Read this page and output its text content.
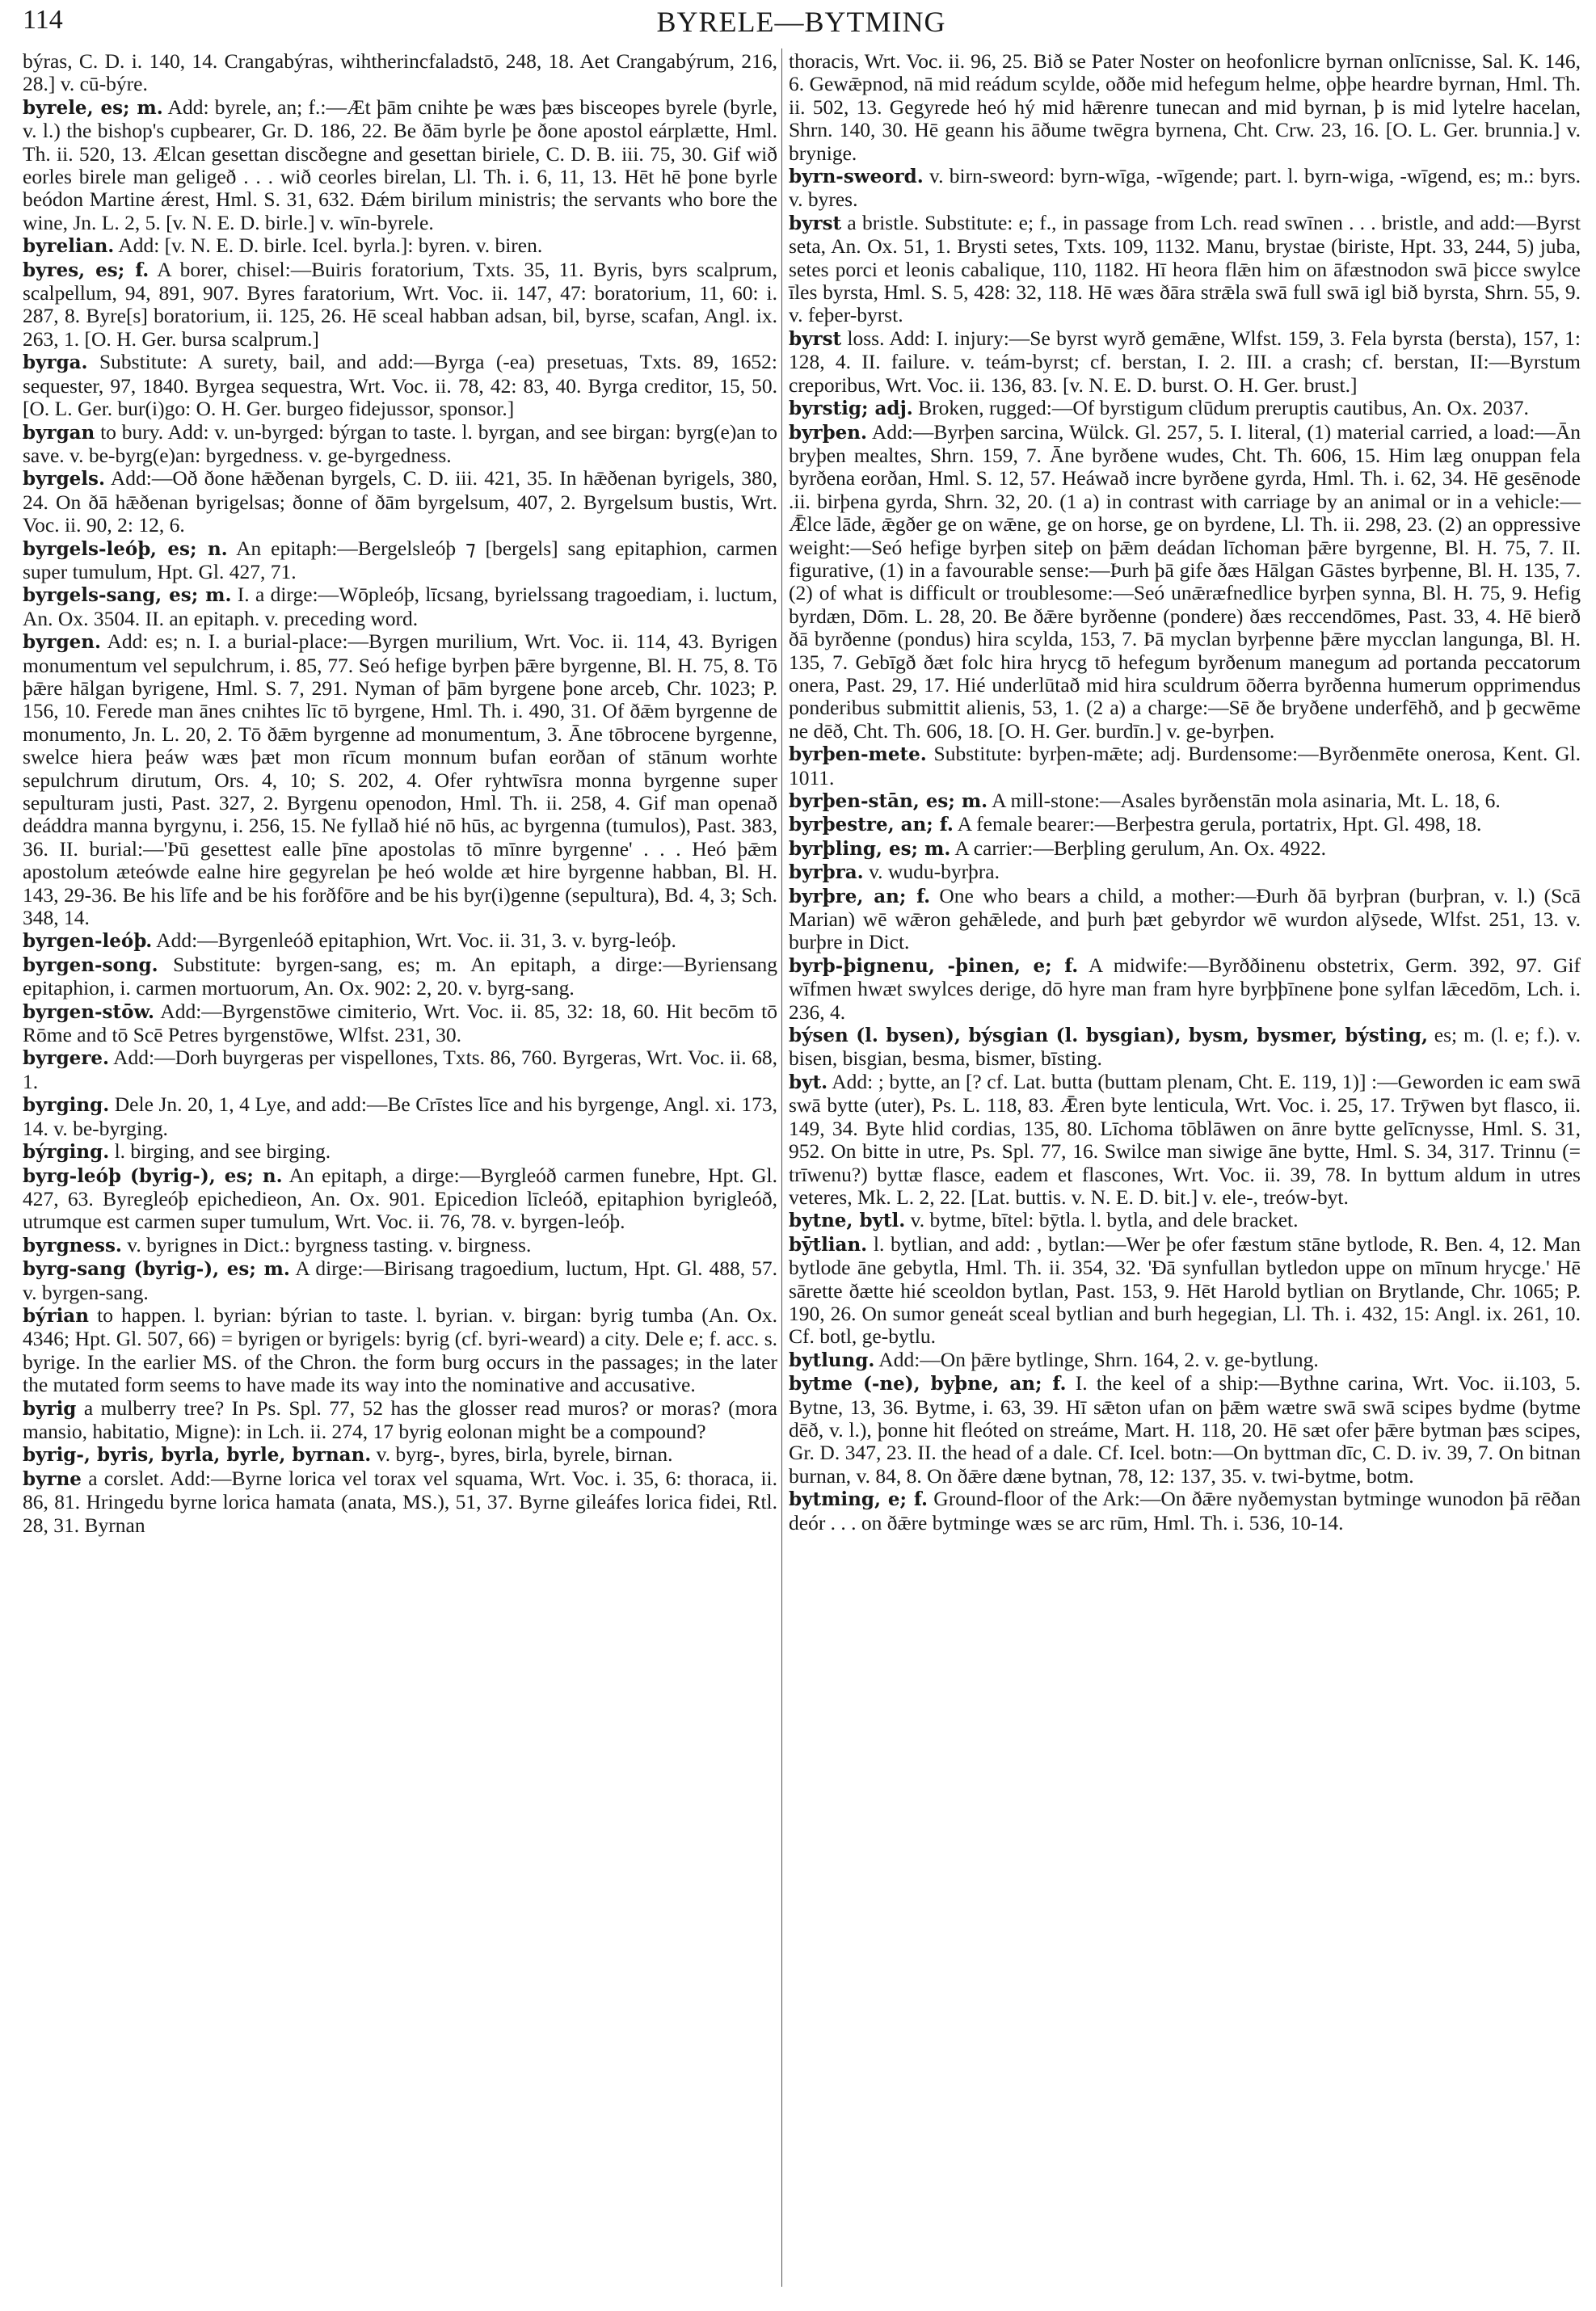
114	BYRELE—BYTMING

býras, C. D. i. 140, 14. Crangabýras, wihtherincfaladstō, 248, 18. Aet Crangabýrum, 216, 28.] v. cū-býre.

byrele, es; m. Add: byrele, an; f.:—Æt þām cnihte þe wæs þæs bisceopes byrele (byrle, v. l.) the bishop's cupbearer, Gr. D. 186, 22. Be ðām byrle þe ðone apostol eárplætte, Hml. Th. ii. 520, 13. Ælcan gesettan discðegne and gesettan biriele, C. D. B. iii. 75, 30. Gif wið eorles birele man geligeð . . . wið ceorles birelan, Ll. Th. i. 6, 11, 13. Hēt hē þone byrle beódon Martine ǽrest, Hml. S. 31, 632. Ðǽm birilum ministris; the servants who bore the wine, Jn. L. 2, 5. [v. N. E. D. birle.] v. wīn-byrele.

byrelian. Add: [v. N. E. D. birle. Icel. byrla.]: byren. v. biren.

byres, es; f. A borer, chisel:—Buiris foratorium, Txts. 35, 11. Byris, byrs scalprum, scalpellum, 94, 891, 907. Byres faratorium, Wrt. Voc. ii. 147, 47: boratorium, 11, 60: i. 287, 8. Byre[s] boratorium, ii. 125, 26. Hē sceal habban adsan, bil, byrse, scafan, Angl. ix. 263, 1. [O. H. Ger. bursa scalprum.]

byrga. Substitute: A surety, bail, and add:—Byrga (-ea) presetuas, Txts. 89, 1652: sequester, 97, 1840. Byrgea sequestra, Wrt. Voc. ii. 78, 42: 83, 40. Byrga creditor, 15, 50. [O. L. Ger. bur(i)go: O. H. Ger. burgeo fidejussor, sponsor.]

byrgan to bury. Add: v. un-byrged: býrgan to taste. l. byrgan, and see birgan: byrg(e)an to save. v. be-byrg(e)an: byrgedness. v. ge-byrgedness.

byrgels. Add:—Oð ðone hǣðenan byrgels, C. D. iii. 421, 35. In hǣðenan byrigels, 380, 24. On ðā hǣðenan byrigelsas; ðonne of ðām byrgelsum, 407, 2. Byrgelsum bustis, Wrt. Voc. ii. 90, 2: 12, 6.

byrgels-leóþ, es; n. An epitaph:—Bergelsleóþ ⁊ [bergels] sang epitaphion, carmen super tumulum, Hpt. Gl. 427, 71.

byrgels-sang, es; m. I. a dirge:—Wōpleóþ, līcsang, byrielssang tragoediam, i. luctum, An. Ox. 3504. II. an epitaph. v. preceding word.

byrgen. Add: es; n. I. a burial-place:—Byrgen murilium, Wrt. Voc. ii. 114, 43. Byrigen monumentum vel sepulchrum, i. 85, 77. Seó hefige byrþen þǣre byrgenne, Bl. H. 75, 8. Tō þǣre hālgan byrigene, Hml. S. 7, 291. Nyman of þām byrgene þone arceb, Chr. 1023; P. 156, 10. Ferede man ānes cnihtes līc tō byrgene, Hml. Th. i. 490, 31. Of ðǣm byrgenne de monumento, Jn. L. 20, 2. Tō ðǣm byrgenne ad monumentum, 3. Āne tōbrocene byrgenne, swelce hiera þeáw wæs þæt mon rīcum monnum bufan eorðan of stānum worhte sepulchrum dirutum, Ors. 4, 10; S. 202, 4. Ofer ryhtwīsra monna byrgenne super sepulturam justi, Past. 327, 2. Byrgenu openodon, Hml. Th. ii. 258, 4. Gif man openað deáddra manna byrgynu, i. 256, 15. Ne fyllað hié nō hūs, ac byrgenna (tumulos), Past. 383, 36. II. burial:—'Þū gesettest ealle þīne apostolas tō mīnre byrgenne' . . . Heó þǣm apostolum ætеówde ealne hire gegyrelan þe heó wolde æt hire byrgenne habban, Bl. H. 143, 29-36. Be his līfe and be his forðfōre and be his byr(i)genne (sepultura), Bd. 4, 3; Sch. 348, 14.

byrgen-leóþ. Add:—Byrgenleóð epitaphion, Wrt. Voc. ii. 31, 3. v. byrg-leóþ.

byrgen-song. Substitute: byrgen-sang, es; m. An epitaph, a dirge:—Byriensang epitaphion, i. carmen mortuorum, An. Ox. 902: 2, 20. v. byrg-sang.

byrgen-stōw. Add:—Byrgenstōwe cimiterio, Wrt. Voc. ii. 85, 32: 18, 60. Hit becōm tō Rōme and tō Scē Petres byrgenstōwe, Wlfst. 231, 30.

byrgere. Add:—Dorh buyrgeras per vispellones, Txts. 86, 760. Byrgeras, Wrt. Voc. ii. 68, 1.

byrging. Dele Jn. 20, 1, 4 Lye, and add:—Be Crīstes līce and his byrgenge, Angl. xi. 173, 14. v. be-byrging.

býrging. l. birging, and see birging.

byrg-leóþ (byrig-), es; n. An epitaph, a dirge:—Byrgleóð carmen funebre, Hpt. Gl. 427, 63. Byregleóþ epichedieon, An. Ox. 901. Epicedion līcleóð, epitaphion byrigleóð, utrumque est carmen super tumulum, Wrt. Voc. ii. 76, 78. v. byrgen-leóþ.

byrgness. v. byrignes in Dict.: byrgness tasting. v. birgness.

byrg-sang (byrig-), es; m. A dirge:—Birisang tragoedium, luctum, Hpt. Gl. 488, 57. v. byrgen-sang.

býrian to happen. l. byrian: býrian to taste. l. byrian. v. birgan: byrig tumba (An. Ox. 4346; Hpt. Gl. 507, 66) = byrigen or byrigels: byrig (cf. byri-weard) a city. Dele e; f. acc. s. byrige. In the earlier MS. of the Chron. the form burg occurs in the passages; in the later the mutated form seems to have made its way into the nominative and accusative.

byrig a mulberry tree? In Ps. Spl. 77, 52 has the glosser read muros? or moras? (mora mansio, habitatio, Migne): in Lch. ii. 274, 17 byrig eolonan might be a compound?

byrig-, byris, byrla, byrle, byrnan. v. byrg-, byres, birla, byrele, birnan.

byrne a corslet. Add:—Byrne lorica vel torax vel squama, Wrt. Voc. i. 35, 6: thoraca, ii. 86, 81. Hringedu byrne lorica hamata (anata, MS.), 51, 37. Byrne gileáfes lorica fidei, Rtl. 28, 31. Byrnan

thoracis, Wrt. Voc. ii. 96, 25. Bið se Pater Noster on heofonlicre byrnan onlīcnisse, Sal. K. 146, 6. Gewǣpnod, nā mid reádum scylde, oððe mid hefegum helme, oþþe heardre byrnan, Hml. Th. ii. 502, 13. Gegyrede heó hý mid hǣrenre tunecan and mid byrnan, þ is mid lytelre hacelan, Shrn. 140, 30. Hē geann his āðume twēgra byrnena, Cht. Crw. 23, 16. [O. L. Ger. brunnia.] v. brynige.

byrn-sweord. v. birn-sweord: byrn-wīga, -wīgende; part. l. byrn-wiga, -wīgend, es; m.: byrs. v. byres.

byrst a bristle. Substitute: e; f., in passage from Lch. read swīnen . . . bristle, and add:—Byrst seta, An. Ox. 51, 1. Brysti setes, Txts. 109, 1132. Manu, brystae (biriste, Hpt. 33, 244, 5) juba, setes porci et leonis cabalique, 110, 1182. Hī heora flǣn him on āfæstnodon swā þicce swylce īles byrsta, Hml. S. 5, 428: 32, 118. Hē wæs ðāra strǣla swā full swā igl bið byrsta, Shrn. 55, 9. v. feþer-byrst.

byrst loss. Add: I. injury:—Se byrst wyrð gemǣne, Wlfst. 159, 3. Fela byrsta (bersta), 157, 1: 128, 4. II. failure. v. teám-byrst; cf. berstan, I. 2. III. a crash; cf. berstan, II:—Byrstum creporibus, Wrt. Voc. ii. 136, 83. [v. N. E. D. burst. O. H. Ger. brust.]

byrstig; adj. Broken, rugged:—Of byrstigum clūdum preruptis cautibus, An. Ox. 2037.

byrþen. Add:—Byrþen sarcina, Wülck. Gl. 257, 5. I. literal, (1) material carried, a load:—Ān bryþen mealtes, Shrn. 159, 7. Āne byrðene wudes, Cht. Th. 606, 15. Him læg onuppan fela byrðena eorðan, Hml. S. 12, 57. Heáwað incre byrðene gyrda, Hml. Th. i. 62, 34. Hē gesēnode .ii. birþena gyrda, Shrn. 32, 20. (1 a) in contrast with carriage by an animal or in a vehicle:—Ǣlce lāde, ǣgðer ge on wǣne, ge on horse, ge on byrdene, Ll. Th. ii. 298, 23. (2) an oppressive weight:—Seó hefige byrþen siteþ on þǣm deádan līchoman þǣre byrgenne, Bl. H. 75, 7. II. figurative, (1) in a favourable sense:—Þurh þā gife ðæs Hālgan Gāstes byrþenne, Bl. H. 135, 7. (2) of what is difficult or troublesome:—Seó unǣræfnedlice byrþen synna, Bl. H. 75, 9. Hefig byrdæn, Dōm. L. 28, 20. Be ðǣre byrðenne (pondere) ðæs reccendōmes, Past. 33, 4. Hē bierð ðā byrðenne (pondus) hira scylda, 153, 7. Þā myclan byrþenne þǣre mycclan langunga, Bl. H. 135, 7. Gebīgð ðæt folc hira hrycg tō hefegum byrðenum manegum ad portanda peccatorum onera, Past. 29, 17. Hié underlūtað mid hira sculdrum ōðerra byrðenna humerum opprimendus ponderibus submittit alienis, 53, 1. (2 a) a charge:—Sē ðe bryðene underfēhð, and þ gecwēme ne dēð, Cht. Th. 606, 18. [O. H. Ger. burdīn.] v. ge-byrþen.

byrþen-mete. Substitute: byrþen-mǣte; adj. Burdensome:—Byrðenmēte onerosa, Kent. Gl. 1011.

byrþen-stān, es; m. A mill-stone:—Asales byrðenstān mola asinaria, Mt. L. 18, 6.

byrþestre, an; f. A female bearer:—Berþestra gerula, portatrix, Hpt. Gl. 498, 18.

byrþling, es; m. A carrier:—Berþling gerulum, An. Ox. 4922.

byrþra. v. wudu-byrþra.

byrþre, an; f. One who bears a child, a mother:—Ðurh ðā byrþran (burþran, v. l.) (Scā Marian) wē wǣron gehǣlede, and þurh þæt gebyrdor wē wurdon alȳsede, Wlfst. 251, 13. v. burþre in Dict.

byrþ-þignenu, -þinen, e; f. A midwife:—Byrððinenu obstetrix, Germ. 392, 97. Gif wīfmen hwæt swylces derige, dō hyre man fram hyre byrþþīnene þone sylfan lǣcedōm, Lch. i. 236, 4.

býsen (l. bysen), býsgian (l. bysgian), bysm, bysmer, býsting, es; m. (l. e; f.). v. bisen, bisgian, besma, bismer, bīsting.

byt. Add: ; bytte, an [? cf. Lat. butta (buttam plenam, Cht. E. 119, 1)] :—Geworden ic eam swā swā bytte (uter), Ps. L. 118, 83. Ǣren byte lenticula, Wrt. Voc. i. 25, 17. Trȳwen byt flasco, ii. 149, 34. Byte hlid cordias, 135, 80. Līchoma tōblāwen on ānre bytte gelīcnysse, Hml. S. 31, 952. On bitte in utre, Ps. Spl. 77, 16. Swilce man siwige āne bytte, Hml. S. 34, 317. Trinnu (= trīwenu?) byttæ flasce, eadem et flascones, Wrt. Voc. ii. 39, 78. In byttum aldum in utres veteres, Mk. L. 2, 22. [Lat. buttis. v. N. E. D. bit.] v. ele-, treów-byt.

bytne, bytl. v. bytme, bītel: bȳtla. l. bytla, and dele bracket.

bȳtlian. l. bytlian, and add: , bytlan:—Wer þe ofer fæstum stāne bytlode, R. Ben. 4, 12. Man bytlode āne gebytla, Hml. Th. ii. 354, 32. 'Ðā synfullan bytledon uppe on mīnum hrycge.' Hē sārette ðætte hié sceoldon bytlan, Past. 153, 9. Hēt Harold bytlian on Brytlande, Chr. 1065; P. 190, 26. On sumor geneát sceal bytlian and burh hegegian, Ll. Th. i. 432, 15: Angl. ix. 261, 10. Cf. botl, ge-bytlu.

bytlung. Add:—On þǣre bytlinge, Shrn. 164, 2. v. ge-bytlung.

bytme (-ne), byþne, an; f. I. the keel of a ship:—Bythne carina, Wrt. Voc. ii.103, 5. Bytne, 13, 36. Bytme, i. 63, 39. Hī sǣton ufan on þǣm wætre swā swā scipes bydme (bytme dēð, v. l.), þonne hit fleóted on streáme, Mart. H. 118, 20. Hē sæt ofer þǣre bytman þæs scipes, Gr. D. 347, 23. II. the head of a dale. Cf. Icel. botn:—On byttman dīc, C. D. iv. 39, 7. On bitnan burnan, v. 84, 8. On ðǣre dæne bytnan, 78, 12: 137, 35. v. twi-bytme, botm.

bytming, e; f. Ground-floor of the Ark:—On ðǣre nyðemystan bytminge wunodon þā rēðan deór . . . on ðǣre bytminge wæs se arc rūm, Hml. Th. i. 536, 10-14.
